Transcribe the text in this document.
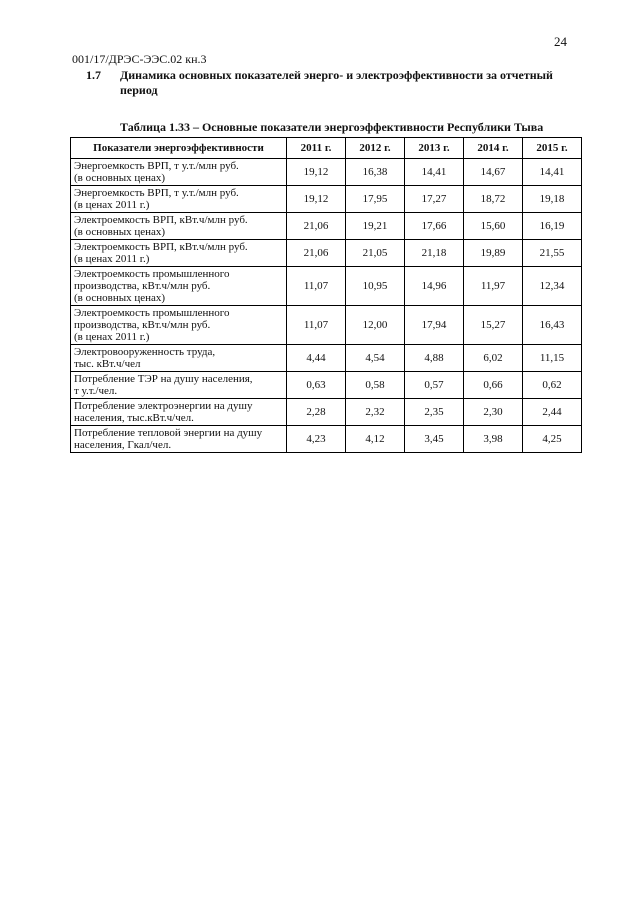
24
001/17/ДРЭС-ЭЭС.02 кн.3
1.7 Динамика основных показателей энерго- и электроэффективности за отчетный период
Таблица 1.33 – Основные показатели энергоэффективности Республики Тыва
Показатели энергоэффективности	2011 г.	2012 г.	2013 г.	2014 г.	2015 г.
Энергоемкость ВРП, т у.т./млн руб.
(в основных ценах)	19,12	16,38	14,41	14,67	14,41
Энергоемкость ВРП, т у.т./млн руб.
(в ценах 2011 г.)	19,12	17,95	17,27	18,72	19,18
Электроемкость ВРП, кВт.ч/млн руб.
(в основных ценах)	21,06	19,21	17,66	15,60	16,19
Электроемкость ВРП, кВт.ч/млн руб.
(в ценах 2011 г.)	21,06	21,05	21,18	19,89	21,55
Электроемкость промышленного
производства, кВт.ч/млн руб.
(в основных ценах)	11,07	10,95	14,96	11,97	12,34
Электроемкость промышленного
производства, кВт.ч/млн руб.
(в ценах 2011 г.)	11,07	12,00	17,94	15,27	16,43
Электровооруженность труда,
тыс. кВт.ч/чел	4,44	4,54	4,88	6,02	11,15
Потребление ТЭР на душу населения,
т у.т./чел.	0,63	0,58	0,57	0,66	0,62
Потребление электроэнергии на душу
населения, тыс.кВт.ч/чел.	2,28	2,32	2,35	2,30	2,44
Потребление тепловой энергии на душу
населения, Гкал/чел.	4,23	4,12	3,45	3,98	4,25
